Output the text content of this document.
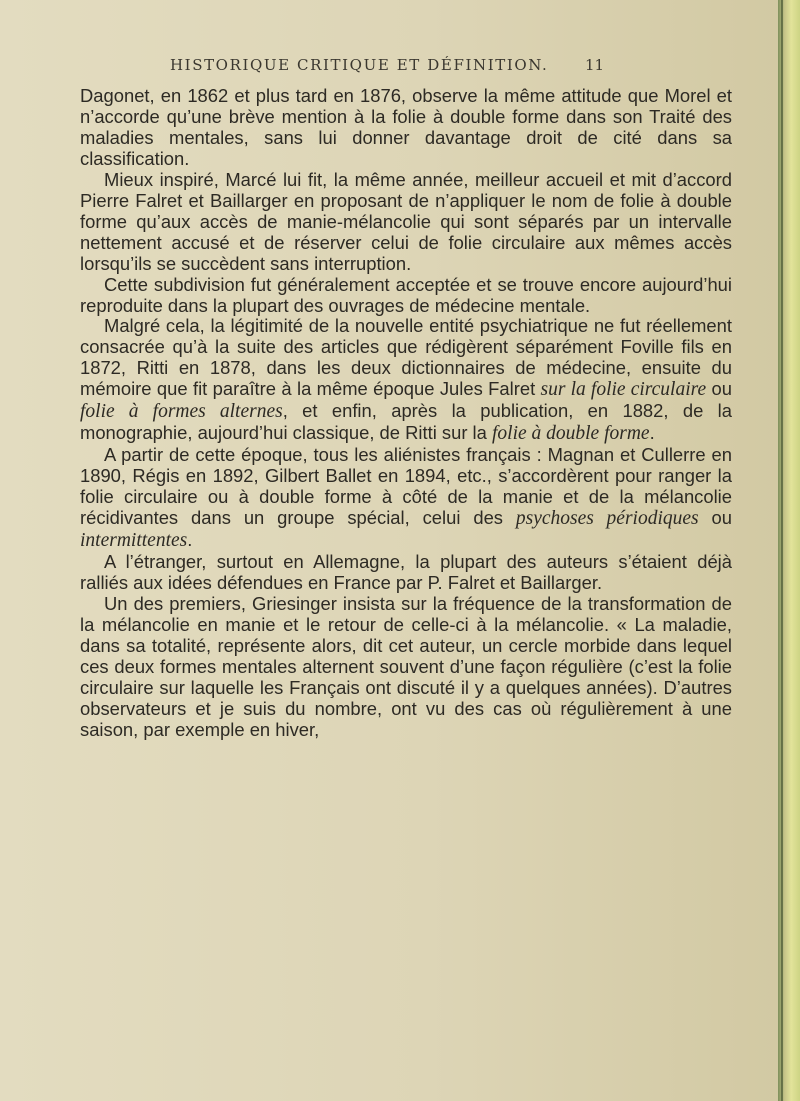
HISTORIQUE CRITIQUE ET DÉFINITION. 11

Dagonet, en 1862 et plus tard en 1876, observe la même attitude que Morel et n’accorde qu’une brève mention à la folie à double forme dans son Traité des maladies mentales, sans lui donner davantage droit de cité dans sa classification.

Mieux inspiré, Marcé lui fit, la même année, meilleur accueil et mit d’accord Pierre Falret et Baillarger en proposant de n’appliquer le nom de folie à double forme qu’aux accès de manie-mélancolie qui sont séparés par un intervalle nettement accusé et de réserver celui de folie circulaire aux mêmes accès lorsqu’ils se succèdent sans interruption.

Cette subdivision fut généralement acceptée et se trouve encore aujourd’hui reproduite dans la plupart des ouvrages de médecine mentale.

Malgré cela, la légitimité de la nouvelle entité psychiatrique ne fut réellement consacrée qu’à la suite des articles que rédigèrent séparément Foville fils en 1872, Ritti en 1878, dans les deux dictionnaires de médecine, ensuite du mémoire que fit paraître à la même époque Jules Falret sur la folie circulaire ou folie à formes alternes, et enfin, après la publication, en 1882, de la monographie, aujourd’hui classique, de Ritti sur la folie à double forme.

A partir de cette époque, tous les aliénistes français : Magnan et Cullerre en 1890, Régis en 1892, Gilbert Ballet en 1894, etc., s’accordèrent pour ranger la folie circulaire ou à double forme à côté de la manie et de la mélancolie récidivantes dans un groupe spécial, celui des psychoses périodiques ou intermittentes.

A l’étranger, surtout en Allemagne, la plupart des auteurs s’étaient déjà ralliés aux idées défendues en France par P. Falret et Baillarger.

Un des premiers, Griesinger insista sur la fréquence de la transformation de la mélancolie en manie et le retour de celle-ci à la mélancolie. « La maladie, dans sa totalité, représente alors, dit cet auteur, un cercle morbide dans lequel ces deux formes mentales alternent souvent d’une façon régulière (c’est la folie circulaire sur laquelle les Français ont discuté il y a quelques années). D’autres observateurs et je suis du nombre, ont vu des cas où régulièrement à une saison, par exemple en hiver,
